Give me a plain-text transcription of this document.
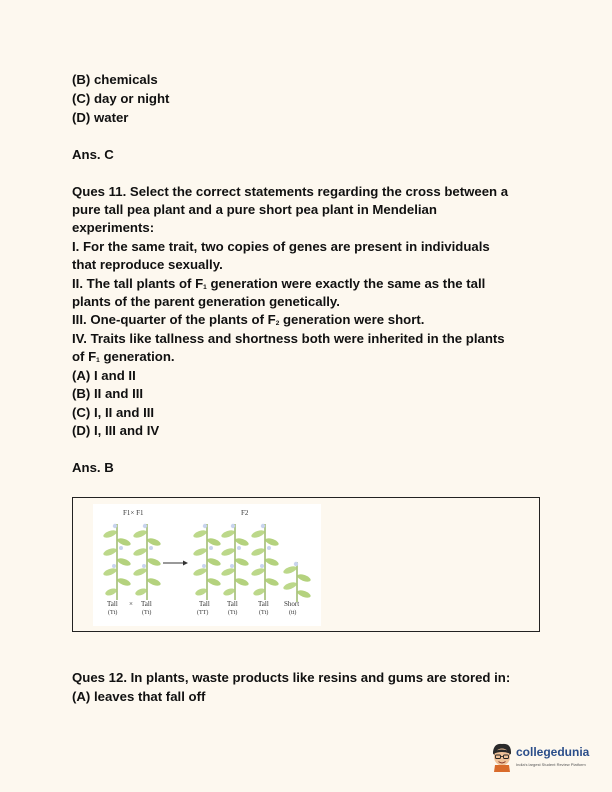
(B) chemicals
(C) day or night
(D) water
Ans. C
Ques 11. Select the correct statements regarding the cross between a
pure tall pea plant and a pure short pea plant in Mendelian
experiments:
I. For the same trait, two copies of genes are present in individuals
that reproduce sexually.
II. The tall plants of $F_1$ generation were exactly the same as the tall
plants of the parent generation genetically.
III. One-quarter of the plants of $F_2$ generation were short.
IV. Traits like tallness and shortness both were inherited in the plants
of $F_1$ generation.
(A) I and II
(B) II and III
(C) I, II and III
(D) I, III and IV
Ans. B
F1× F1	F2
Tall × Tall	Tall Tall	Tall Short
(Tt)	(Tt)	(TT)	(Tt)	(Tt)	(tt)
Ques 12. In plants, waste products like resins and gums are stored in:
(A) leaves that fall off
collegedunia
India's largest Student Review Platform
